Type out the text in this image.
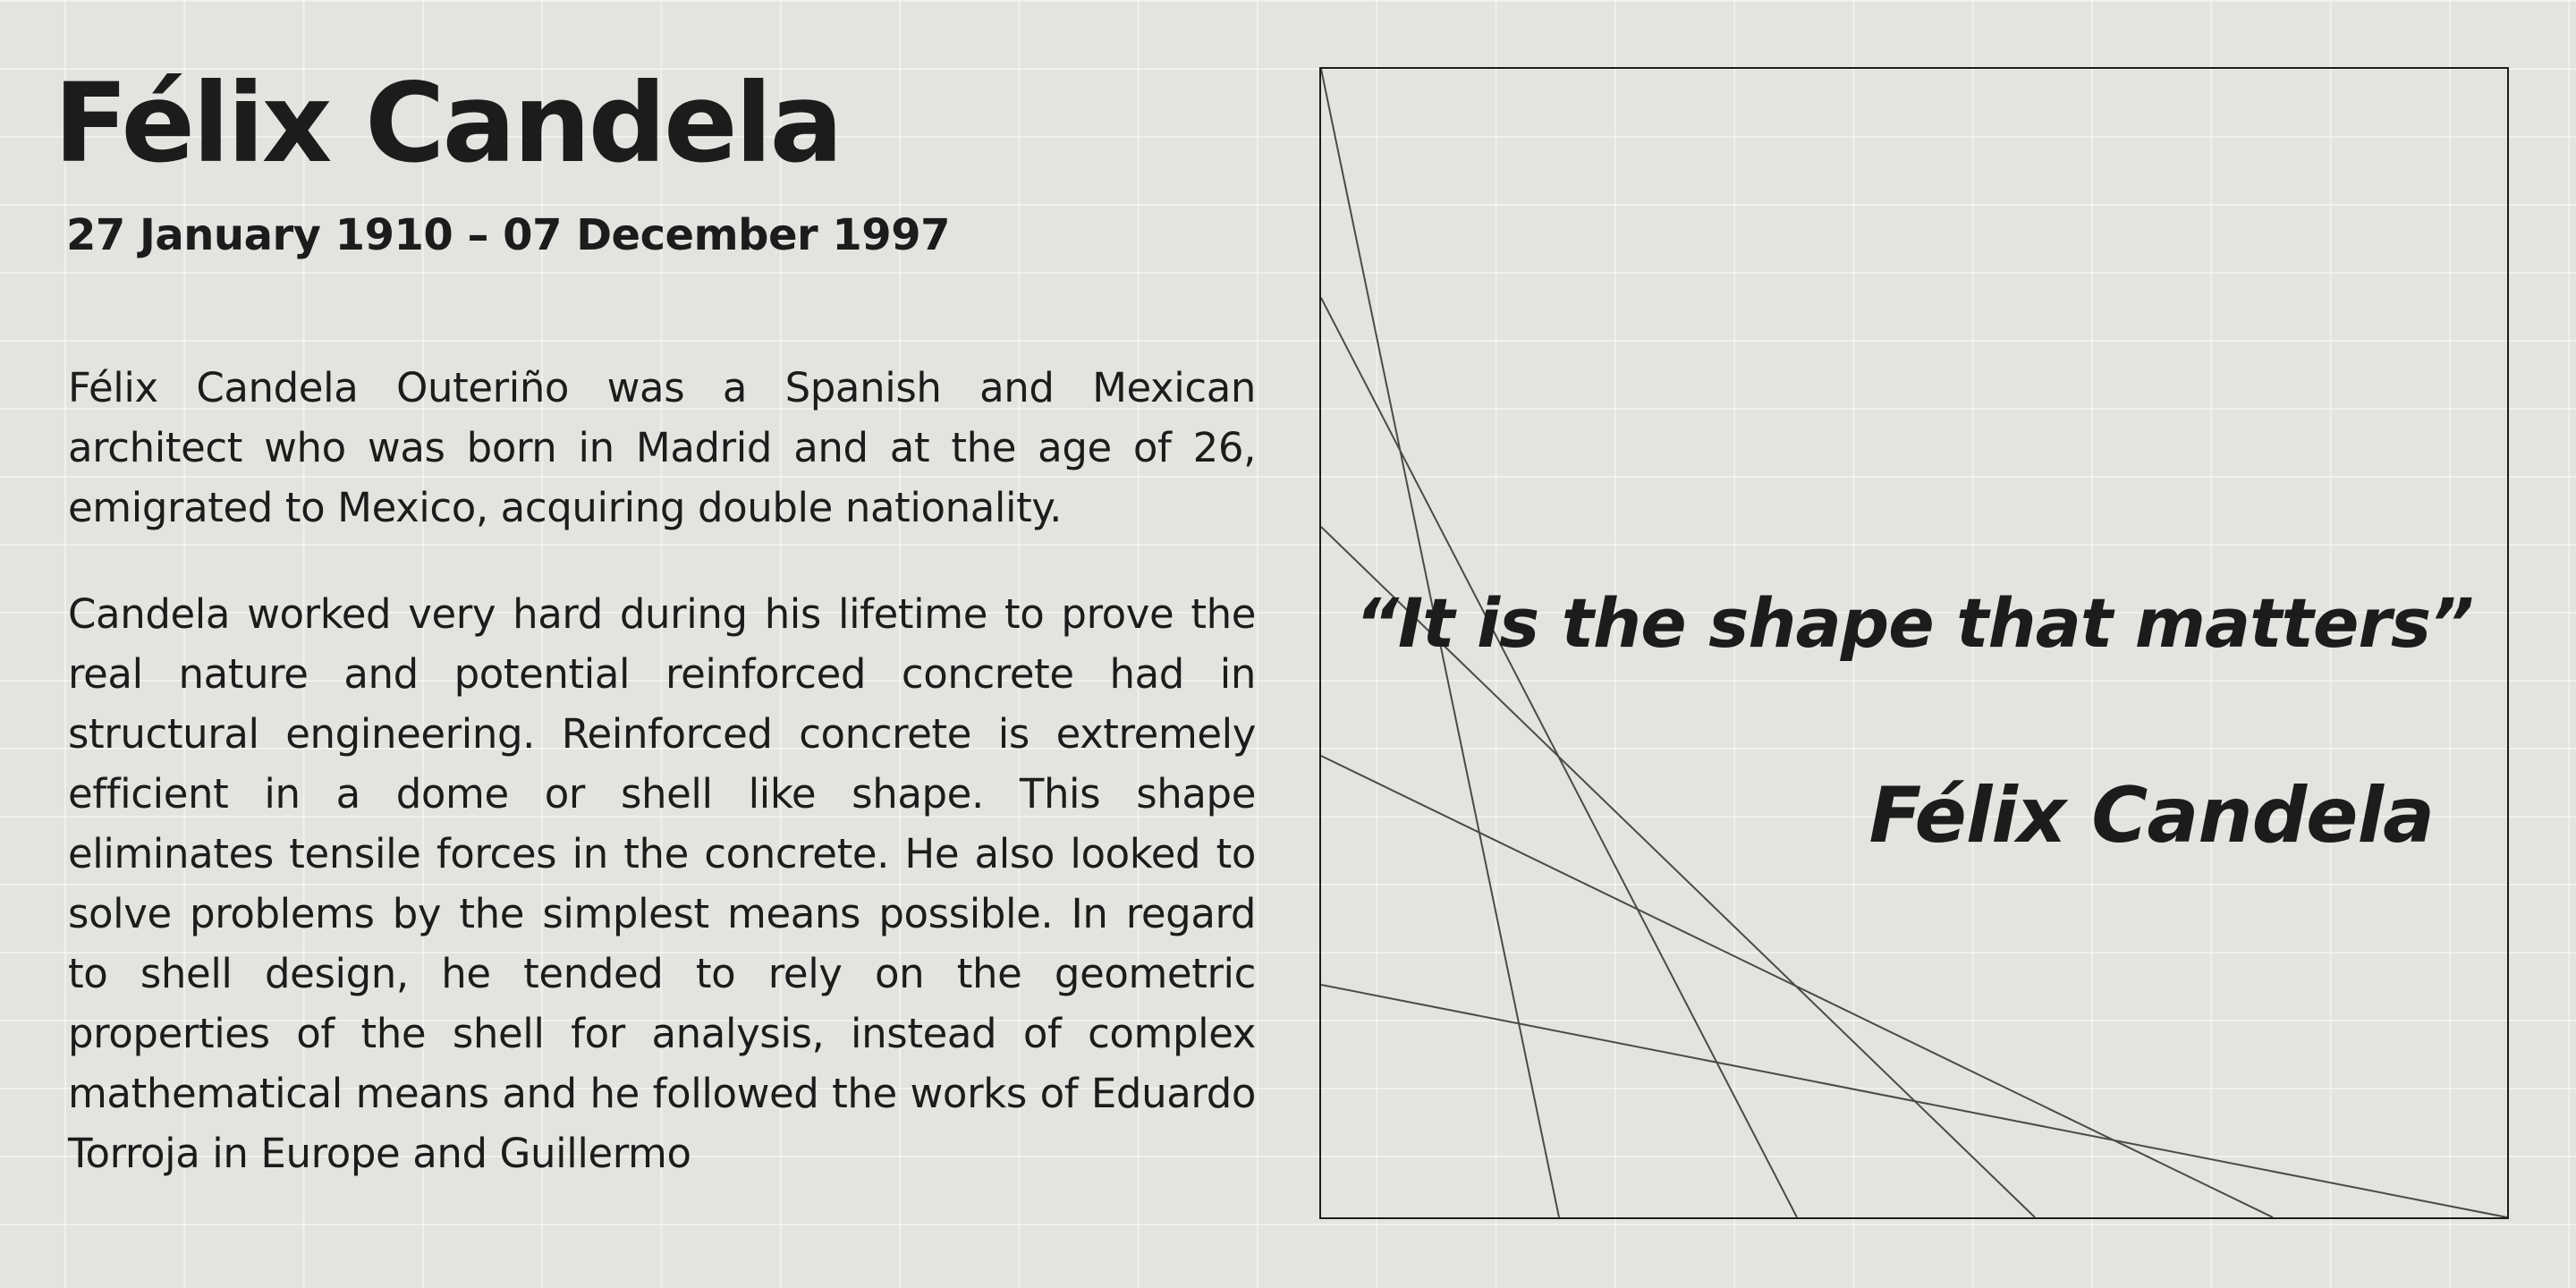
Félix Candela
27 January 1910 – 07 December 1997

Félix Candela Outeriño was a Spanish and Mexican architect who was born in Madrid and at the age of 26, emigrated to Mexico, acquiring double nationality.

Candela worked very hard during his lifetime to prove the real nature and potential reinforced concrete had in structural engineering. Reinforced concrete is extremely efficient in a dome or shell like shape. This shape eliminates tensile forces in the concrete. He also looked to solve problems by the simplest means possible. In regard to shell design, he tended to rely on the geometric properties of the shell for analysis, instead of complex mathematical means and he followed the works of Eduardo Torroja in Europe and Guillermo

“It is the shape that matters”
Félix Candela
